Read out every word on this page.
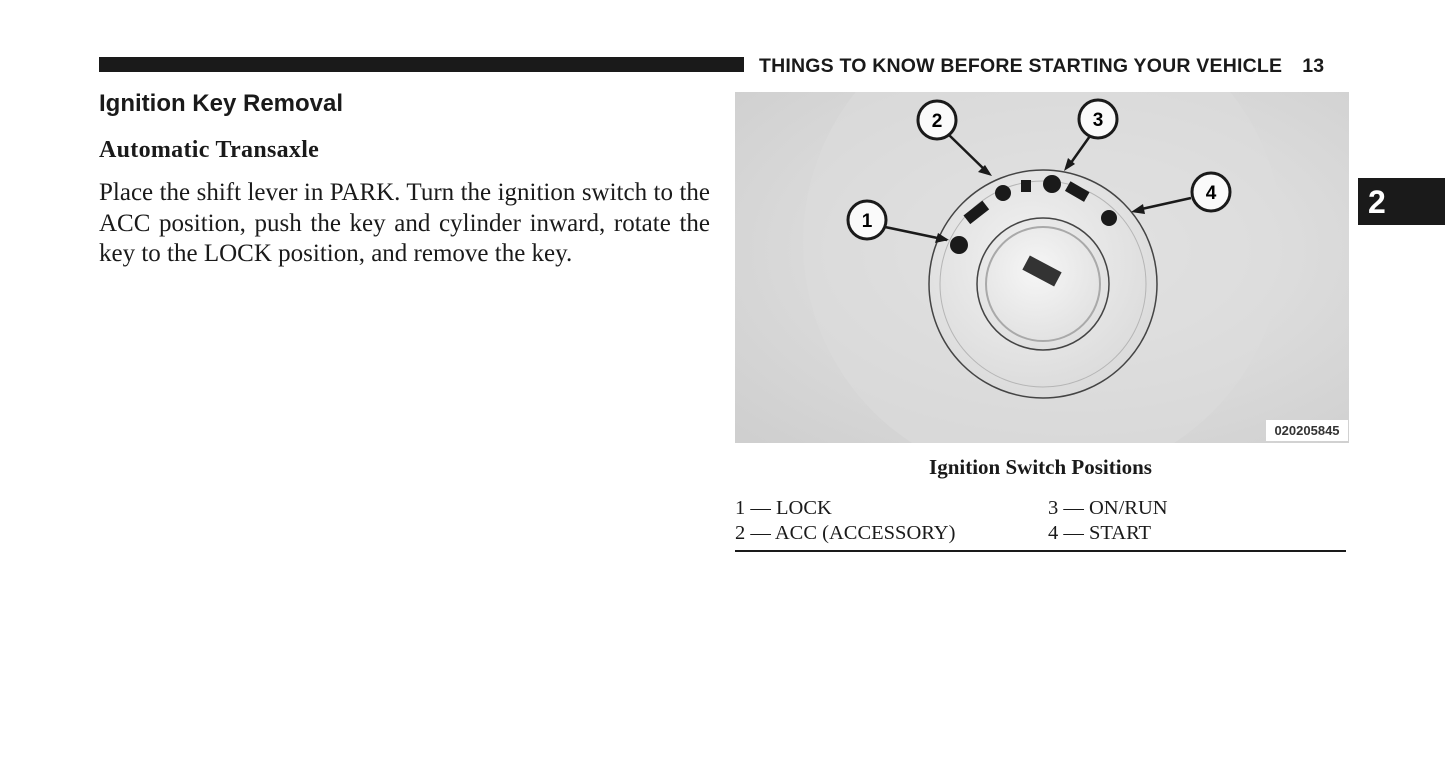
THINGS TO KNOW BEFORE STARTING YOUR VEHICLE 13
Ignition Key Removal
Automatic Transaxle

Place the shift lever in PARK. Turn the ignition switch to the ACC position, push the key and cylinder inward, rotate the key to the LOCK position, and remove the key.

2
1
2	3
4
020205845
Ignition Switch Positions
1 — LOCK
2 — ACC (ACCESSORY)
3 — ON/RUN
4 — START
